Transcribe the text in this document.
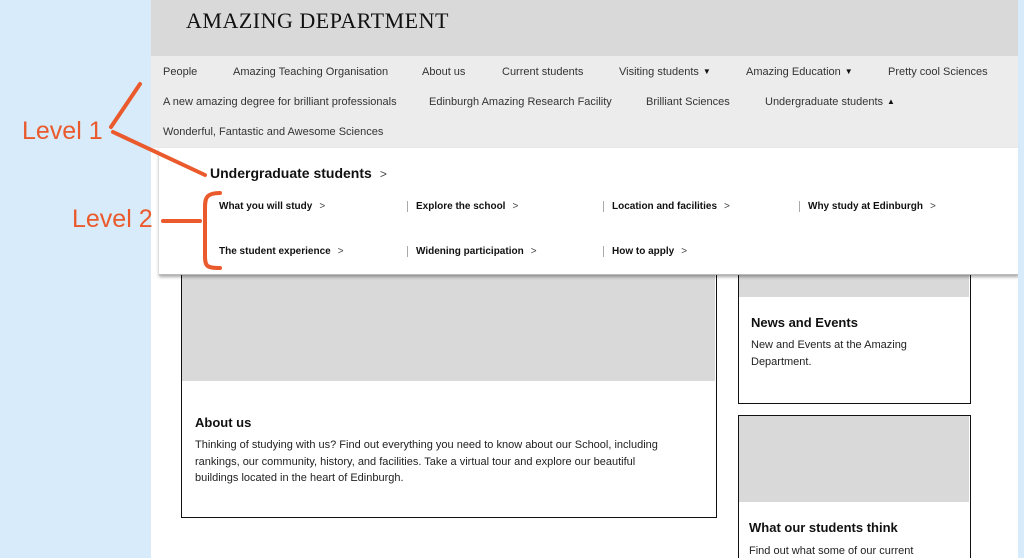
AMAZING DEPARTMENT
People	Amazing Teaching Organisation	About us	Current students	Visiting students ▼	Amazing Education ▼	Pretty cool Sciences
A new amazing degree for brilliant professionals	Edinburgh Amazing Research Facility	Brilliant Sciences	Undergraduate students ▲
Wonderful, Fantastic and Awesome Sciences
About us
Thinking of studying with us? Find out everything you need to know about our School, including rankings, our community, history, and facilities. Take a virtual tour and explore our beautiful buildings located in the heart of Edinburgh.
News and Events
New and Events at the Amazing Department.
What our students think
Find out what some of our current
Undergraduate students >
What you will study >	Explore the school >	Location and facilities >	Why study at Edinburgh >
The student experience >	Widening participation >	How to apply >
Level 1
Level 2
